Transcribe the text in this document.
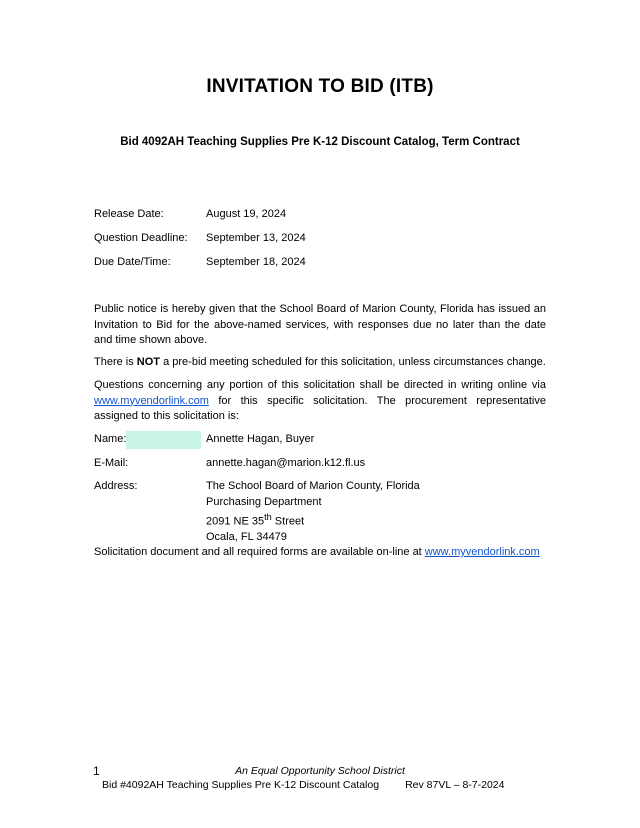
INVITATION TO BID (ITB)
Bid 4092AH Teaching Supplies Pre K-12 Discount Catalog, Term Contract
Release Date:	August 19, 2024
Question Deadline:	September 13, 2024
Due Date/Time:	September 18, 2024
Public notice is hereby given that the School Board of Marion County, Florida has issued an Invitation to Bid for the above-named services, with responses due no later than the date and time shown above.
There is NOT a pre-bid meeting scheduled for this solicitation, unless circumstances change.
Questions concerning any portion of this solicitation shall be directed in writing online via www.myvendorlink.com for this specific solicitation. The procurement representative assigned to this solicitation is:
Name:	Annette Hagan, Buyer
E-Mail:	annette.hagan@marion.k12.fl.us
Address:	The School Board of Marion County, Florida
Purchasing Department
2091 NE 35th Street
Ocala, FL 34479
Solicitation document and all required forms are available on-line at www.myvendorlink.com
1	An Equal Opportunity School District
Bid #4092AH Teaching Supplies Pre K-12 Discount Catalog Rev 87VL – 8-7-2024
